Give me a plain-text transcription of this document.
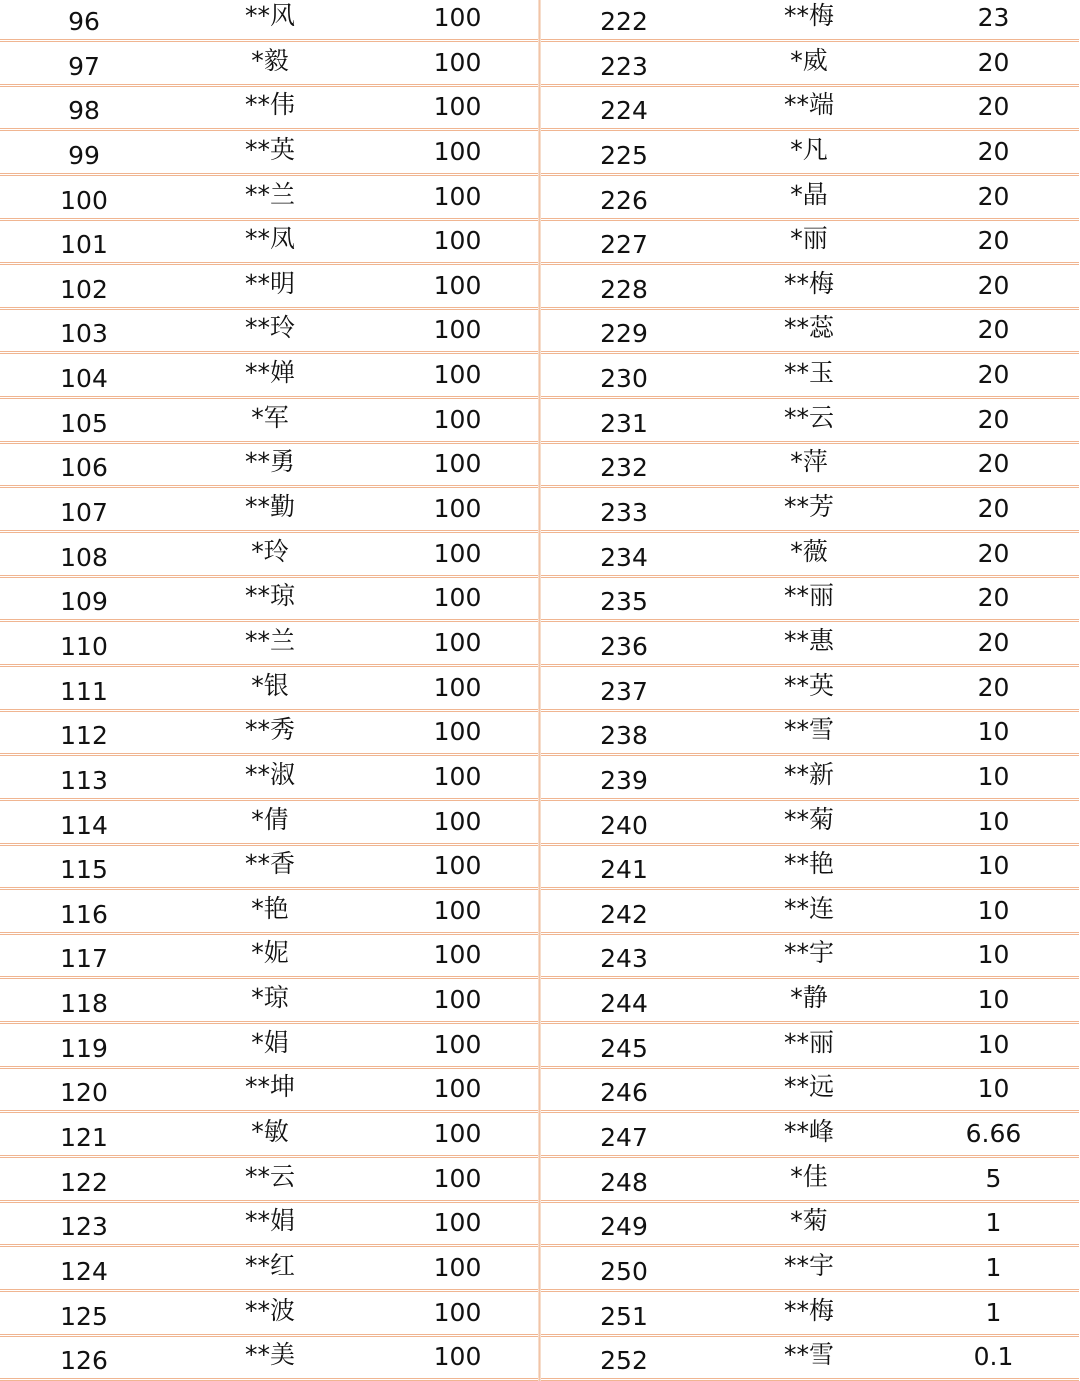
96	**风	100
97	*毅	100
98	**伟	100
99	**英	100
100	**兰	100
101	**凤	100
102	**明	100
103	**玲	100
104	**婵	100
105	*军	100
106	**勇	100
107	**勤	100
108	*玲	100
109	**琼	100
110	**兰	100
111	*银	100
112	**秀	100
113	**淑	100
114	*倩	100
115	**香	100
116	*艳	100
117	*妮	100
118	*琼	100
119	*娟	100
120	**坤	100
121	*敏	100
122	**云	100
123	**娟	100
124	**红	100
125	**波	100
126	**美	100
222	**梅	23
223	*威	20
224	**端	20
225	*凡	20
226	*晶	20
227	*丽	20
228	**梅	20
229	**蕊	20
230	**玉	20
231	**云	20
232	*萍	20
233	**芳	20
234	*薇	20
235	**丽	20
236	**惠	20
237	**英	20
238	**雪	10
239	**新	10
240	**菊	10
241	**艳	10
242	**连	10
243	**宇	10
244	*静	10
245	**丽	10
246	**远	10
247	**峰	6.66
248	*佳	5
249	*菊	1
250	**宇	1
251	**梅	1
252	**雪	0.1
